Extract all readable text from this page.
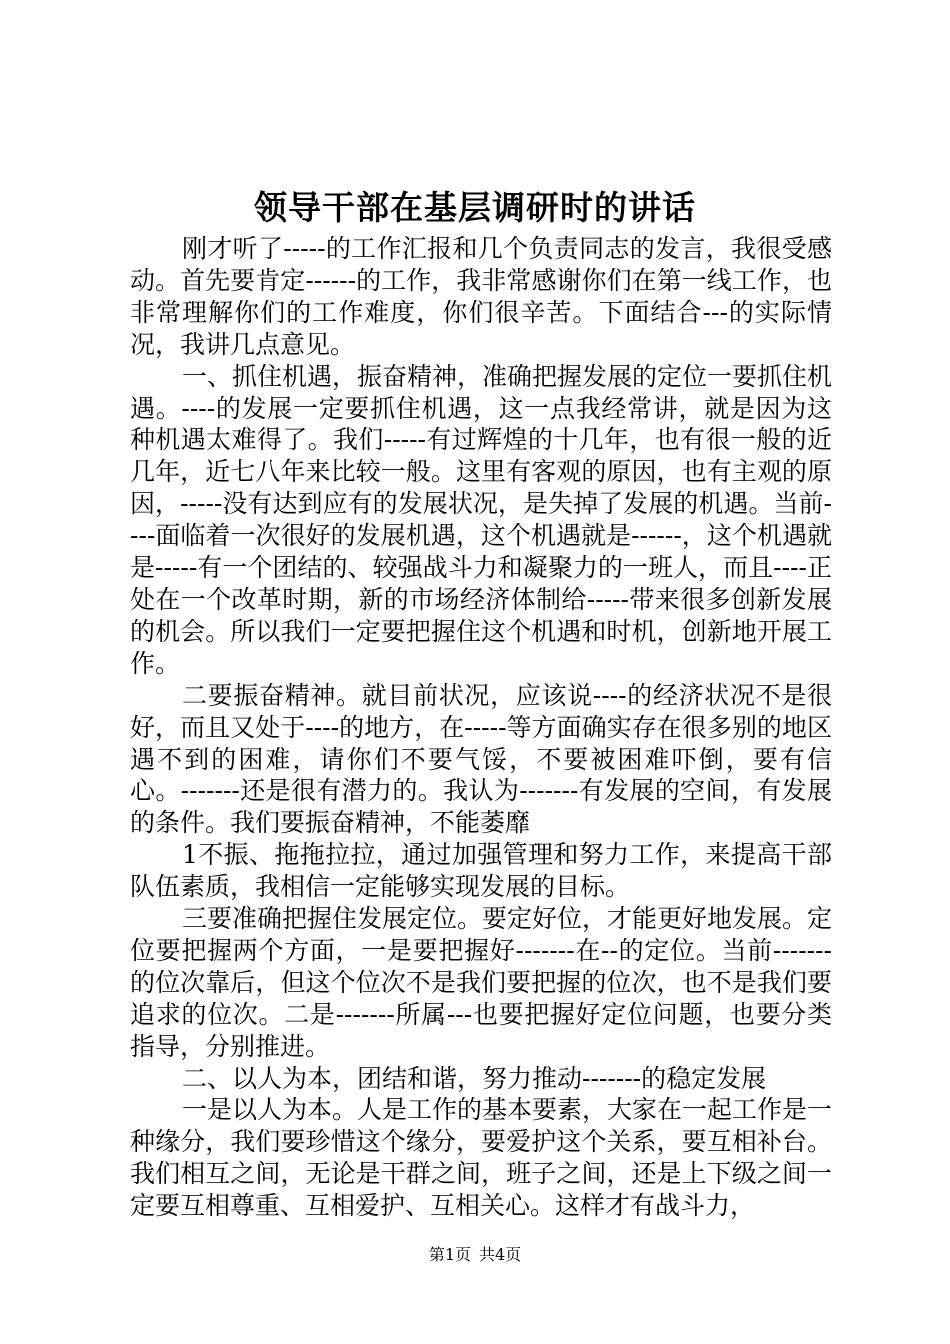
领导干部在基层调研时的讲话

刚才听了-----的工作汇报和几个负责同志的发言，我很受感动。首先要肯定------的工作，我非常感谢你们在第一线工作，也非常理解你们的工作难度，你们很辛苦。下面结合---的实际情况，我讲几点意见。

一、抓住机遇，振奋精神，准确把握发展的定位一要抓住机遇。----的发展一定要抓住机遇，这一点我经常讲，就是因为这种机遇太难得了。我们-----有过辉煌的十几年，也有很一般的近几年，近七八年来比较一般。这里有客观的原因，也有主观的原因，-----没有达到应有的发展状况，是失掉了发展的机遇。当前----面临着一次很好的发展机遇，这个机遇就是------，这个机遇就是-----有一个团结的、较强战斗力和凝聚力的一班人，而且----正处在一个改革时期，新的市场经济体制给-----带来很多创新发展的机会。所以我们一定要把握住这个机遇和时机，创新地开展工作。

二要振奋精神。就目前状况，应该说----的经济状况不是很好，而且又处于----的地方，在-----等方面确实存在很多别的地区遇不到的困难，请你们不要气馁，不要被困难吓倒，要有信心。-------还是很有潜力的。我认为-------有发展的空间，有发展的条件。我们要振奋精神，不能萎靡

1不振、拖拖拉拉，通过加强管理和努力工作，来提高干部队伍素质，我相信一定能够实现发展的目标。

三要准确把握住发展定位。要定好位，才能更好地发展。定位要把握两个方面，一是要把握好-------在--的定位。当前-------的位次靠后，但这个位次不是我们要把握的位次，也不是我们要追求的位次。二是-------所属---也要把握好定位问题，也要分类指导，分别推进。

二、以人为本，团结和谐，努力推动-------的稳定发展

一是以人为本。人是工作的基本要素，大家在一起工作是一种缘分，我们要珍惜这个缘分，要爱护这个关系，要互相补台。我们相互之间，无论是干群之间，班子之间，还是上下级之间一定要互相尊重、互相爱护、互相关心。这样才有战斗力，

第1页 共4页
